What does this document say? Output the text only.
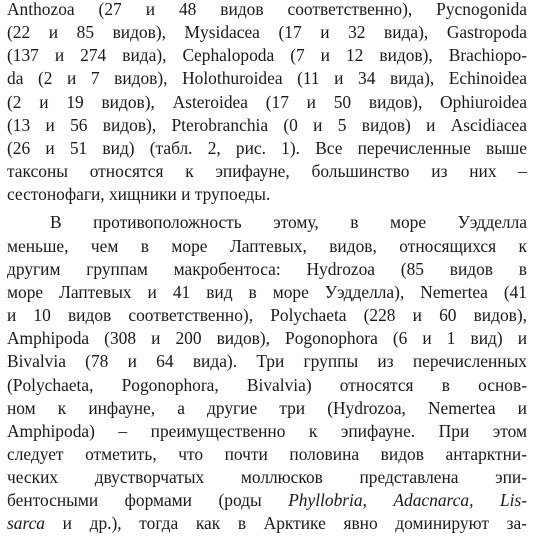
Anthozoa (27 и 48 видов соответственно), Pycnogonida
(22 и 85 видов), Mysidacea (17 и 32 вида), Gastropoda
(137 и 274 вида), Cephalopoda (7 и 12 видов), Brachiopo-
da (2 и 7 видов), Holothuroidea (11 и 34 вида), Echinoidea
(2 и 19 видов), Asteroidea (17 и 50 видов), Ophiuroidea
(13 и 56 видов), Pterobranchia (0 и 5 видов) и Ascidiacea
(26 и 51 вид) (табл. 2, рис. 1). Все перечисленные выше
таксоны относятся к эпифауне, большинство из них –
сестонофаги, хищники и трупоеды.
В противоположность этому, в море Уэдделла
меньше, чем в море Лаптевых, видов, относящихся к
другим группам макробентоса: Hydrozoa (85 видов в
море Лаптевых и 41 вид в море Уэдделла), Nemertea (41
и 10 видов соответственно), Polychaeta (228 и 60 видов),
Amphipoda (308 и 200 видов), Pogonophora (6 и 1 вид) и
Bivalvia (78 и 64 вида). Три группы из перечисленных
(Polychaeta, Pogonophora, Bivalvia) относятся в основ-
ном к инфауне, а другие три (Hydrozoa, Nemertea и
Amphipoda) – преимущественно к эпифауне. При этом
следует отметить, что почти половина видов антарктни-
ческих двустворчатых моллюсков представлена эпи-
бентосными формами (роды Phyllobria, Adacnarca, Lis-
sarca и др.), тогда как в Арктике явно доминируют за-
